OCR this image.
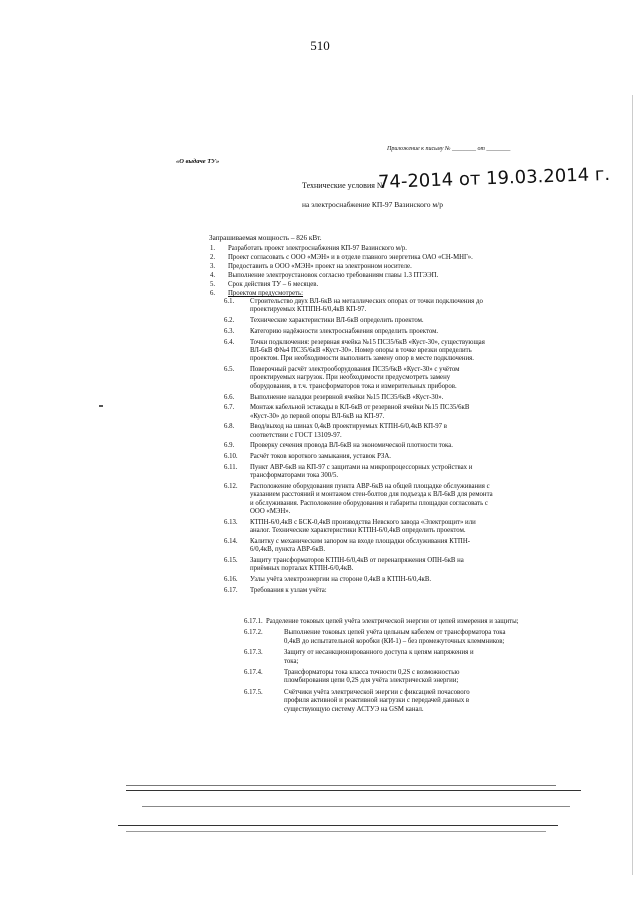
510
Приложение к письму № ________ от ________
«О выдаче ТУ»
Технические условия №
74-2014 от 19.03.2014 г.
на электроснабжение КП-97 Вазинского м/р
Запрашиваемая мощность – 826 кВт.
1. Разработать проект электроснабжения КП-97 Вазинского м/р.
2. Проект согласовать с ООО «МЭН» и в отделе главного энергетика ОАО «СН-МНГ».
3. Предоставить в ООО «МЭН» проект на электронном носителе.
4. Выполнение электроустановок согласно требованиям главы 1.3 ПТЭЭП.
5. Срок действия ТУ – 6 месяцев.
6. Проектом предусмотреть:
6.1. Строительство двух ВЛ-6кВ на металлических опорах от точки подключения до
проектируемых КТППН-6/0,4кВ КП-97.
6.2. Технические характеристики ВЛ-6кВ определить проектом.
6.3. Категорию надёжности электроснабжения определить проектом.
6.4. Точки подключения: резервная ячейка №15 ПС35/6кВ «Куст-30», существующая
ВЛ-6кВ Ф№4 ПС35/6кВ «Куст-30». Номер опоры в точке врезки определить
проектом. При необходимости выполнить замену опор в месте подключения.
6.5. Поверочный расчёт электрооборудования ПС35/6кВ «Куст-30» с учётом
проектируемых нагрузок. При необходимости предусмотреть замену
оборудования, в т.ч. трансформаторов тока и измерительных приборов.
6.6. Выполнение наладки резервной ячейки №15 ПС35/6кВ «Куст-30».
6.7. Монтаж кабельной эстакады в КЛ-6кВ от резервной ячейки №15 ПС35/6кВ
«Куст-30» до первой опоры ВЛ-6кВ на КП-97.
6.8. Ввод/выход на шинах 0,4кВ проектируемых КТПН-6/0,4кВ КП-97 в
соответствии с ГОСТ 13109-97.
6.9. Проверку сечения провода ВЛ-6кВ на экономической плотности тока.
6.10. Расчёт токов короткого замыкания, уставок РЗА.
6.11. Пункт АВР-6кВ на КП-97 с защитами на микропроцессорных устройствах и
трансформаторами тока 300/5.
6.12. Расположение оборудования пункта АВР-6кВ на общей площадке обслуживания с
указанием расстояний и монтажом стен-болтов для подъезда к ВЛ-6кВ для ремонта
и обслуживания. Расположение оборудования и габариты площадки согласовать с
ООО «МЭН».
6.13. КТПН-6/0,4кВ с БСК-0,4кВ производства Невского завода «Электрощит» или
аналог. Технические характеристики КТПН-6/0,4кВ определить проектом.
6.14. Калитку с механическим запором на входе площадки обслуживания КТПН-
6/0,4кВ, пункта АВР-6кВ.
6.15. Защиту трансформаторов КТПН-6/0,4кВ от перенапряжения ОПН-6кВ на
приёмных порталах КТПН-6/0,4кВ.
6.16. Узлы учёта электроэнергии на стороне 0,4кВ в КТПН-6/0,4кВ.
6.17. Требования к узлам учёта:
6.17.1. Разделение токовых цепей учёта электрической энергии от цепей измерения и защиты;
6.17.2.	Выполнение токовых цепей учёта цельным кабелем от трансформатора тока
0,4кВ до испытательной коробки (КИ-1) – без промежуточных клеммников;
6.17.3.	Защиту от несанкционированного доступа к цепям напряжения и
тока;
6.17.4.	Трансформаторы тока класса точности 0,2S с возможностью
пломбирования цепи 0,2S для учёта электрической энергии;
6.17.5.	Счётчики учёта электрической энергии с фиксацией почасового
профиля активной и реактивной нагрузки с передачей данных в
существующую систему АСТУЭ на GSM канал.
